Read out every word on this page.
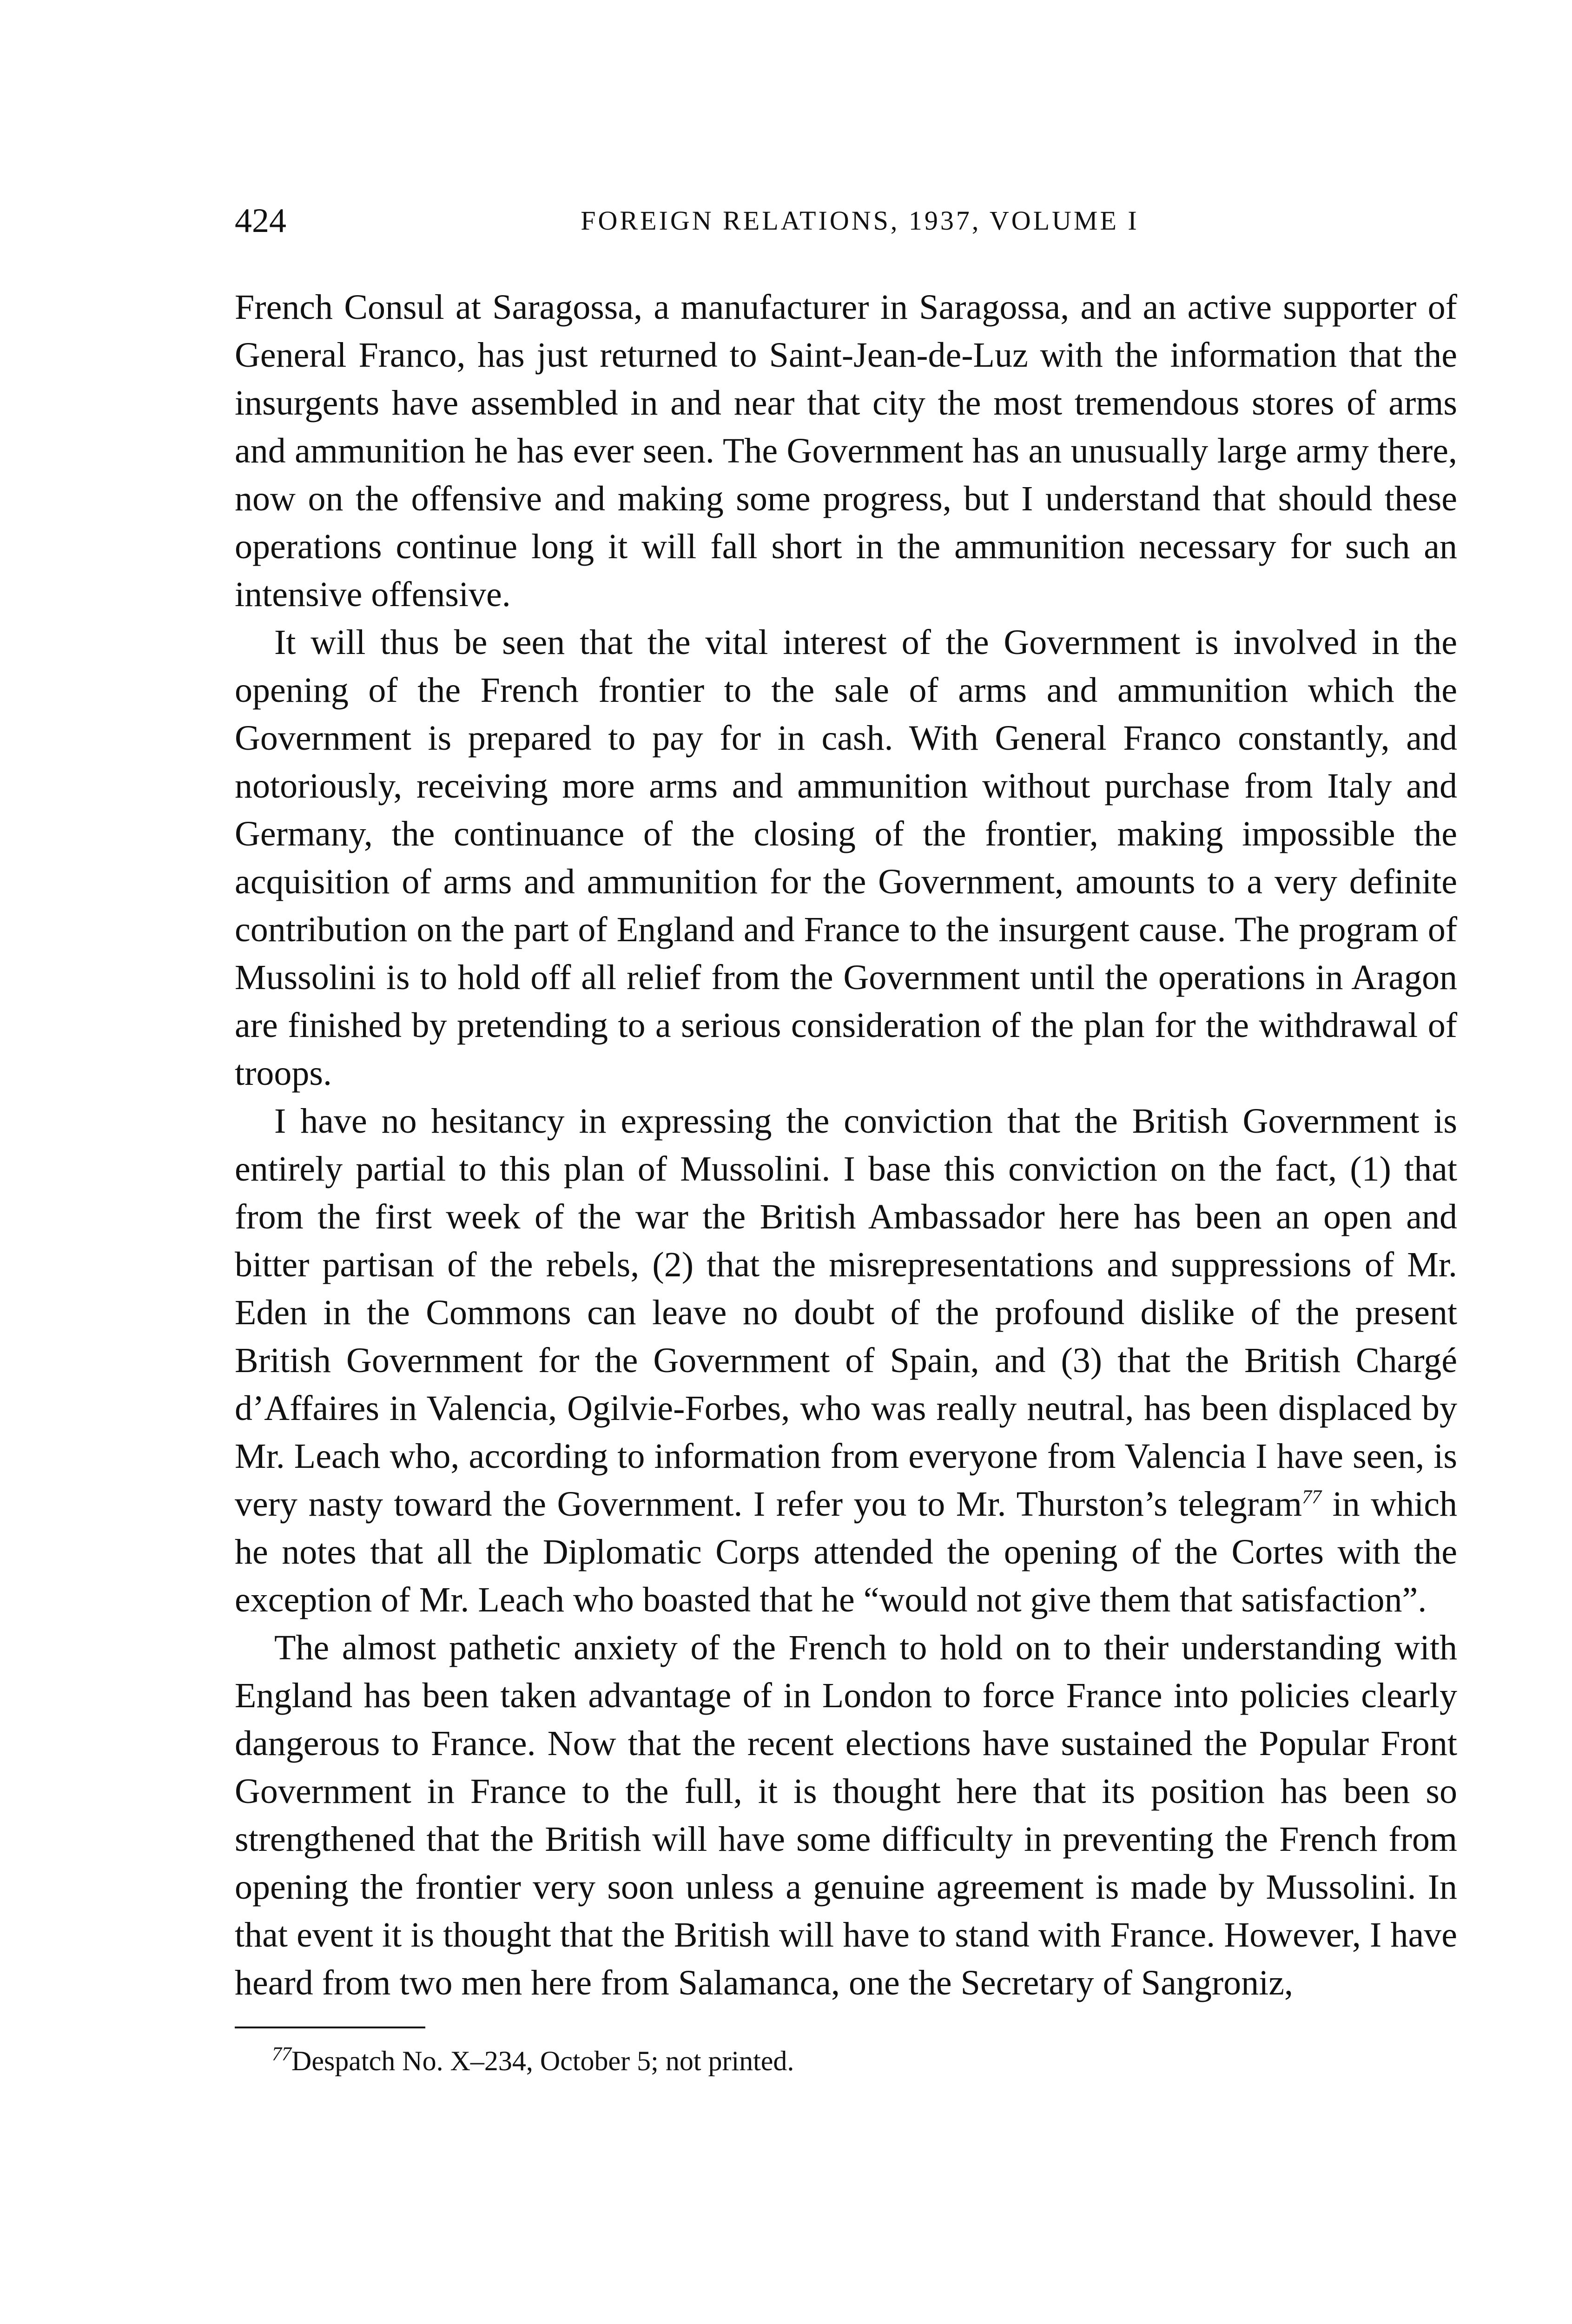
424	FOREIGN RELATIONS, 1937, VOLUME I

French Consul at Saragossa, a manufacturer in Saragossa, and an active supporter of General Franco, has just returned to Saint-Jean-de-Luz with the information that the insurgents have assembled in and near that city the most tremendous stores of arms and ammunition he has ever seen. The Government has an unusually large army there, now on the offensive and making some progress, but I understand that should these operations continue long it will fall short in the ammunition necessary for such an intensive offensive.

It will thus be seen that the vital interest of the Government is involved in the opening of the French frontier to the sale of arms and ammunition which the Government is prepared to pay for in cash. With General Franco constantly, and notoriously, receiving more arms and ammunition without purchase from Italy and Germany, the continuance of the closing of the frontier, making impossible the acquisition of arms and ammunition for the Government, amounts to a very definite contribution on the part of England and France to the insurgent cause. The program of Mussolini is to hold off all relief from the Government until the operations in Aragon are finished by pretending to a serious consideration of the plan for the withdrawal of troops.

I have no hesitancy in expressing the conviction that the British Government is entirely partial to this plan of Mussolini. I base this conviction on the fact, (1) that from the first week of the war the British Ambassador here has been an open and bitter partisan of the rebels, (2) that the misrepresentations and suppressions of Mr. Eden in the Commons can leave no doubt of the profound dislike of the present British Government for the Government of Spain, and (3) that the British Chargé d’Affaires in Valencia, Ogilvie-Forbes, who was really neutral, has been displaced by Mr. Leach who, according to information from everyone from Valencia I have seen, is very nasty toward the Government. I refer you to Mr. Thurston’s telegram$^{77}$ in which he notes that all the Diplomatic Corps attended the opening of the Cortes with the exception of Mr. Leach who boasted that he “would not give them that satisfaction”.

The almost pathetic anxiety of the French to hold on to their understanding with England has been taken advantage of in London to force France into policies clearly dangerous to France. Now that the recent elections have sustained the Popular Front Government in France to the full, it is thought here that its position has been so strengthened that the British will have some difficulty in preventing the French from opening the frontier very soon unless a genuine agreement is made by Mussolini. In that event it is thought that the British will have to stand with France. However, I have heard from two men here from Salamanca, one the Secretary of Sangroniz,

$^{77}$Despatch No. X–234, October 5; not printed.
